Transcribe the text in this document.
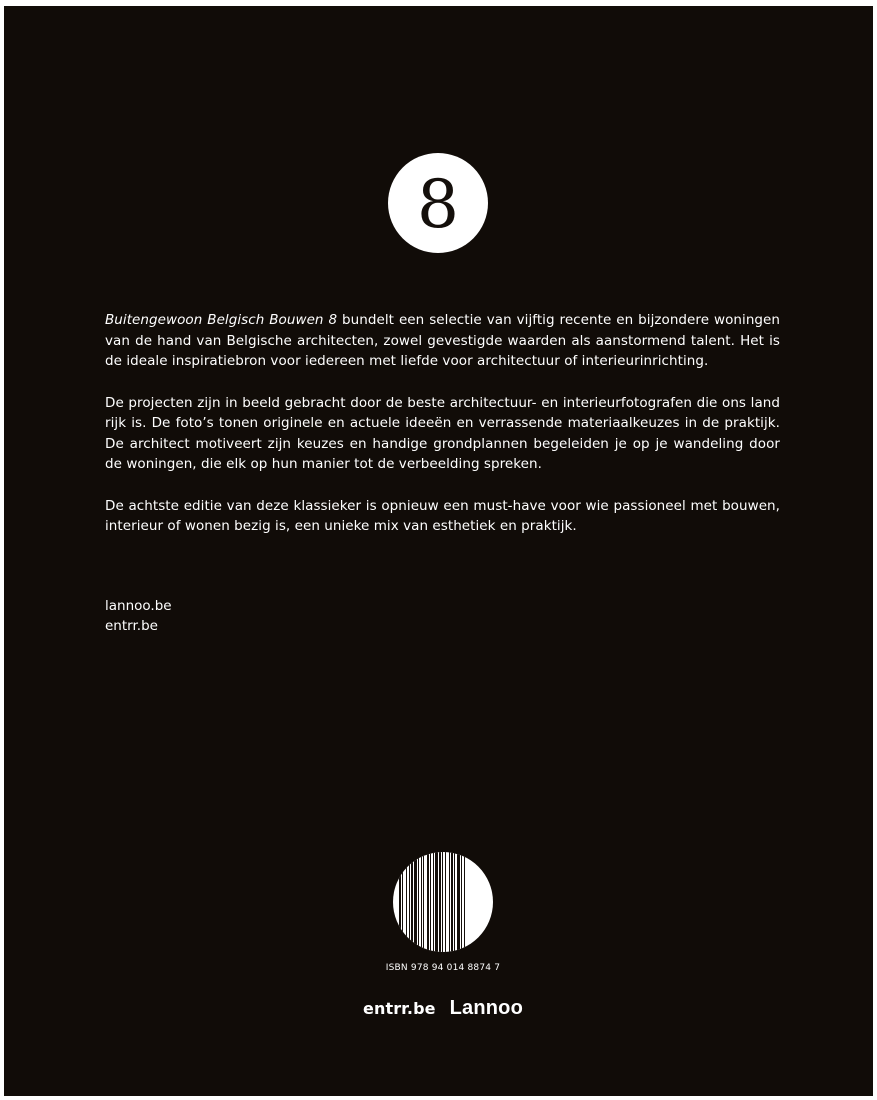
8

Buitengewoon Belgisch Bouwen 8 bundelt een selectie van vijftig recente en bijzondere woningen van de hand van Belgische architecten, zowel gevestigde waarden als aanstormend talent. Het is de ideale inspiratiebron voor iedereen met liefde voor architectuur of interieurinrichting.

De projecten zijn in beeld gebracht door de beste architectuur- en interieurfotografen die ons land rijk is. De foto’s tonen originele en actuele ideeën en verrassende materiaalkeuzes in de praktijk. De architect motiveert zijn keuzes en handige grondplannen begeleiden je op je wandeling door de woningen, die elk op hun manier tot de verbeelding spreken.

De achtste editie van deze klassieker is opnieuw een must-have voor wie passioneel met bouwen, interieur of wonen bezig is, een unieke mix van esthetiek en praktijk.

lannoo.be
entrr.be
ISBN 978 94 014 8874 7
entrr.be Lannoo
